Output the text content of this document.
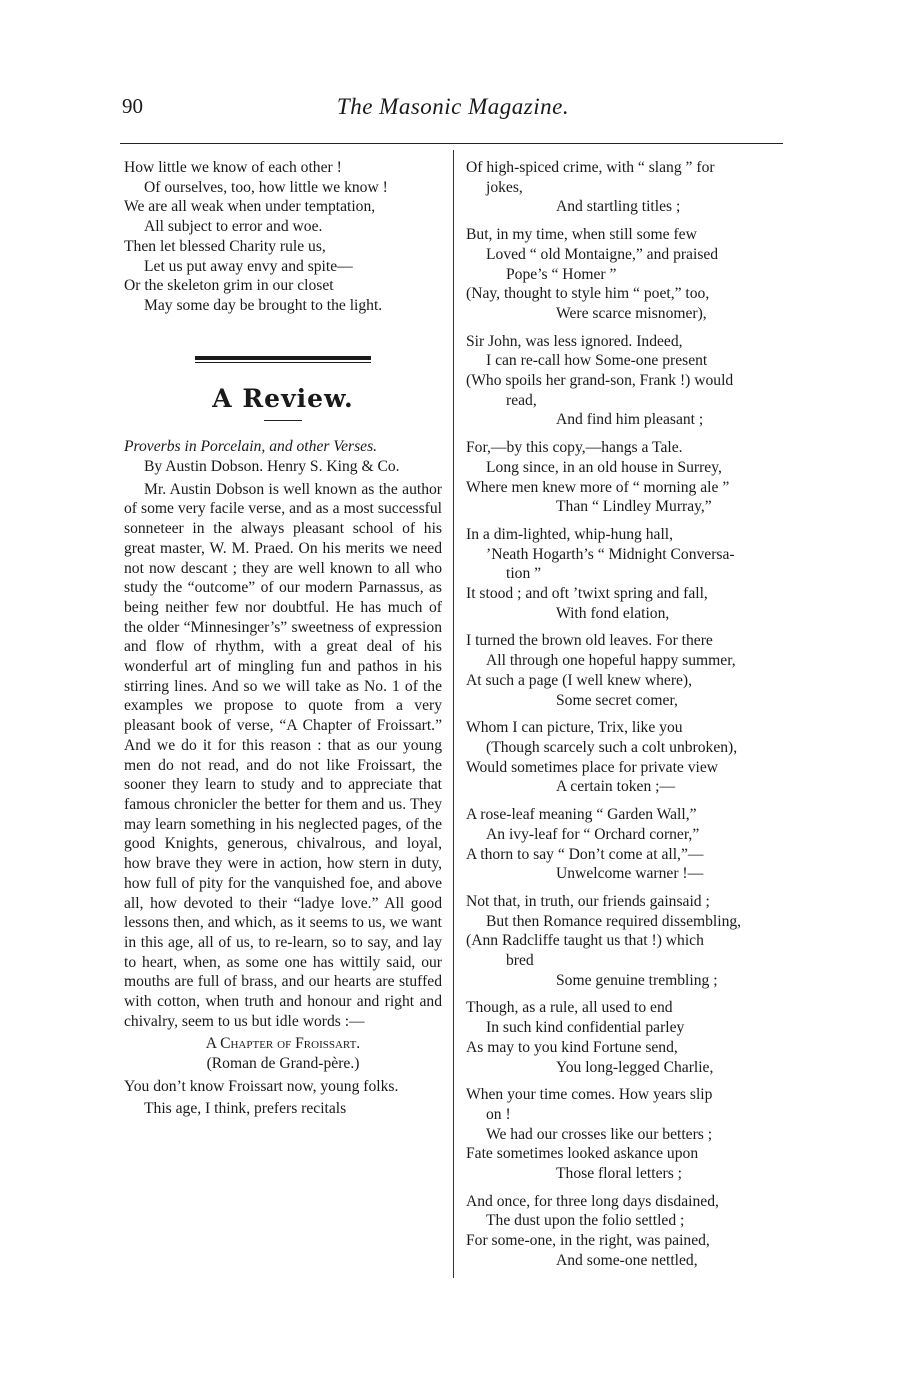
90	The Masonic Magazine.
How little we know of each other !
Of ourselves, too, how little we know !
We are all weak when under temptation,
All subject to error and woe.
Then let blessed Charity rule us,
Let us put away envy and spite—
Or the skeleton grim in our closet
May some day be brought to the light.
A Review.
Proverbs in Porcelain, and other Verses.
By Austin Dobson. Henry S. King & Co.

Mr. Austin Dobson is well known as the author of some very facile verse, and as a most successful sonneteer in the always pleasant school of his great master, W. M. Praed. On his merits we need not now descant ; they are well known to all who study the “outcome” of our modern Parnassus, as being neither few nor doubtful. He has much of the older “Minnesinger’s” sweetness of expression and flow of rhythm, with a great deal of his wonderful art of mingling fun and pathos in his stirring lines. And so we will take as No. 1 of the examples we propose to quote from a very pleasant book of verse, “A Chapter of Froissart.” And we do it for this reason : that as our young men do not read, and do not like Froissart, the sooner they learn to study and to appreciate that famous chronicler the better for them and us. They may learn something in his neglected pages, of the good Knights, generous, chivalrous, and loyal, how brave they were in action, how stern in duty, how full of pity for the vanquished foe, and above all, how devoted to their “ladye love.” All good lessons then, and which, as it seems to us, we want in this age, all of us, to re-learn, so to say, and lay to heart, when, as some one has wittily said, our mouths are full of brass, and our hearts are stuffed with cotton, when truth and honour and right and chivalry, seem to us but idle words :—

A Chapter of Froissart.
(Roman de Grand-père.)
You don’t know Froissart now, young folks.
This age, I think, prefers recitals
Of high-spiced crime, with “ slang ” for
jokes,
And startling titles ;
But, in my time, when still some few
Loved “ old Montaigne,” and praised
Pope’s “ Homer ”
(Nay, thought to style him “ poet,” too,
Were scarce misnomer),
Sir John, was less ignored. Indeed,
I can re-call how Some-one present
(Who spoils her grand-son, Frank !) would
read,
And find him pleasant ;
For,—by this copy,—hangs a Tale.
Long since, in an old house in Surrey,
Where men knew more of “ morning ale ”
Than “ Lindley Murray,”
In a dim-lighted, whip-hung hall,
’Neath Hogarth’s “ Midnight Conversa-
tion ”
It stood ; and oft ’twixt spring and fall,
With fond elation,
I turned the brown old leaves. For there
All through one hopeful happy summer,
At such a page (I well knew where),
Some secret comer,
Whom I can picture, Trix, like you
(Though scarcely such a colt unbroken),
Would sometimes place for private view
A certain token ;—
A rose-leaf meaning “ Garden Wall,”
An ivy-leaf for “ Orchard corner,”
A thorn to say “ Don’t come at all,”—
Unwelcome warner !—
Not that, in truth, our friends gainsaid ;
But then Romance required dissembling,
(Ann Radcliffe taught us that !) which
bred
Some genuine trembling ;
Though, as a rule, all used to end
In such kind confidential parley
As may to you kind Fortune send,
You long-legged Charlie,
When your time comes. How years slip
on !
We had our crosses like our betters ;
Fate sometimes looked askance upon
Those floral letters ;
And once, for three long days disdained,
The dust upon the folio settled ;
For some-one, in the right, was pained,
And some-one nettled,
